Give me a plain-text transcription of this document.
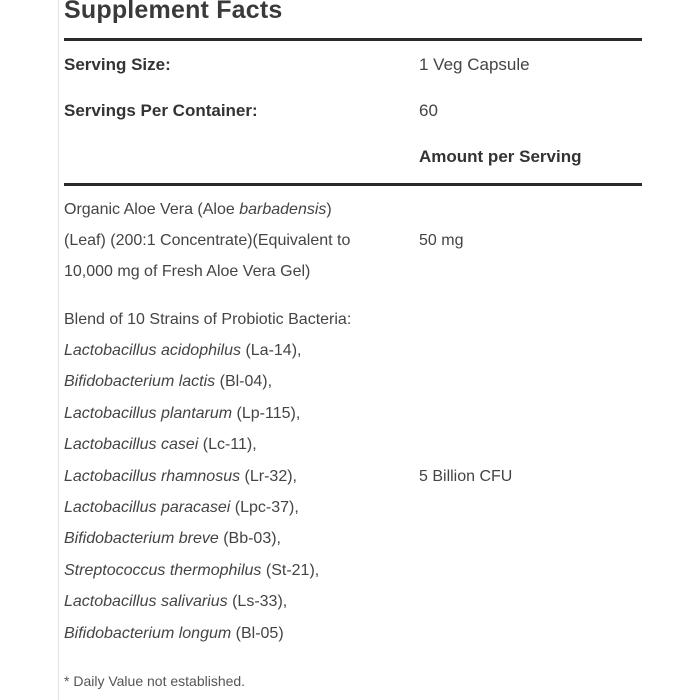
Supplement Facts
Serving Size:	1 Veg Capsule
Servings Per Container:	60
Amount per Serving
Organic Aloe Vera (Aloe barbadensis)
(Leaf) (200:1 Concentrate)(Equivalent to
10,000 mg of Fresh Aloe Vera Gel)
50 mg
Blend of 10 Strains of Probiotic Bacteria:
Lactobacillus acidophilus (La-14),
Bifidobacterium lactis (Bl-04),
Lactobacillus plantarum (Lp-115),
Lactobacillus casei (Lc-11),
Lactobacillus rhamnosus (Lr-32),
Lactobacillus paracasei (Lpc-37),
Bifidobacterium breve (Bb-03),
Streptococcus thermophilus (St-21),
Lactobacillus salivarius (Ls-33),
Bifidobacterium longum (Bl-05)
5 Billion CFU
* Daily Value not established.
